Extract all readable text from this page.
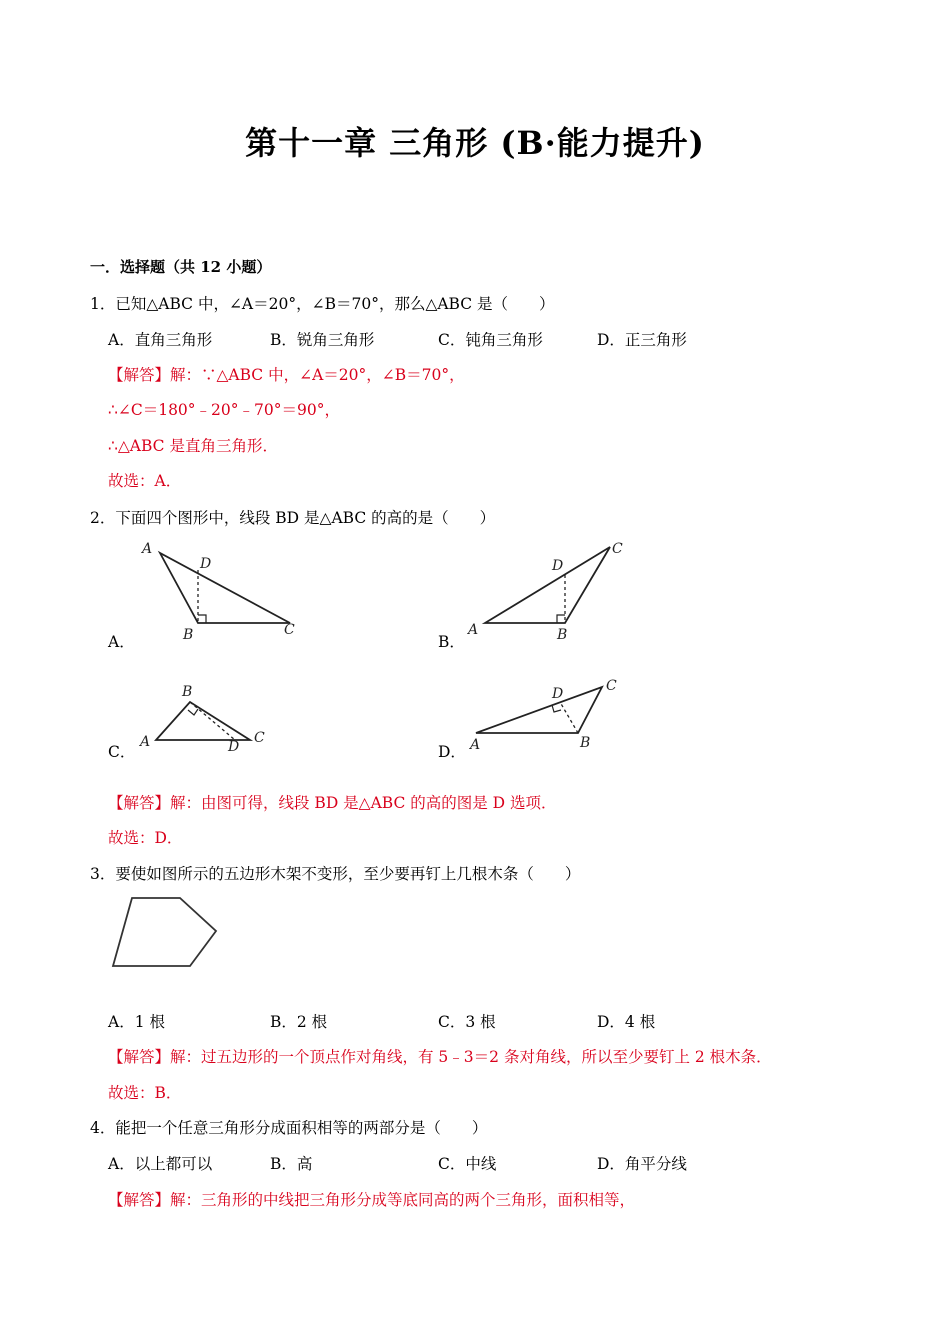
第十一章 三角形 (B·能力提升)
一．选择题（共 12 小题）
1．已知△ABC 中，∠A＝20°，∠B＝70°，那么△ABC 是（　　）
A．直角三角形	B．锐角三角形	C．钝角三角形	D．正三角形
【解答】解：∵△ABC 中，∠A＝20°，∠B＝70°，
∴∠C＝180°﹣20°﹣70°＝90°，
∴△ABC 是直角三角形．
故选：A．
2．下面四个图形中，线段 BD 是△ABC 的高的是（　　）
A
D
B	C
A．
A
D
B
C
B．
A
B
D
C
C．	A
D
B
C
D．
【解答】解：由图可得，线段 BD 是△ABC 的高的图是 D 选项．
故选：D．
3．要使如图所示的五边形木架不变形，至少要再钉上几根木条（　　）
A．1 根	B．2 根	C．3 根	D．4 根
【解答】解：过五边形的一个顶点作对角线，有 5﹣3＝2 条对角线，所以至少要钉上 2 根木条．
故选：B．
4．能把一个任意三角形分成面积相等的两部分是（　　）
A．以上都可以	B．高	C．中线	D．角平分线
【解答】解：三角形的中线把三角形分成等底同高的两个三角形，面积相等，
